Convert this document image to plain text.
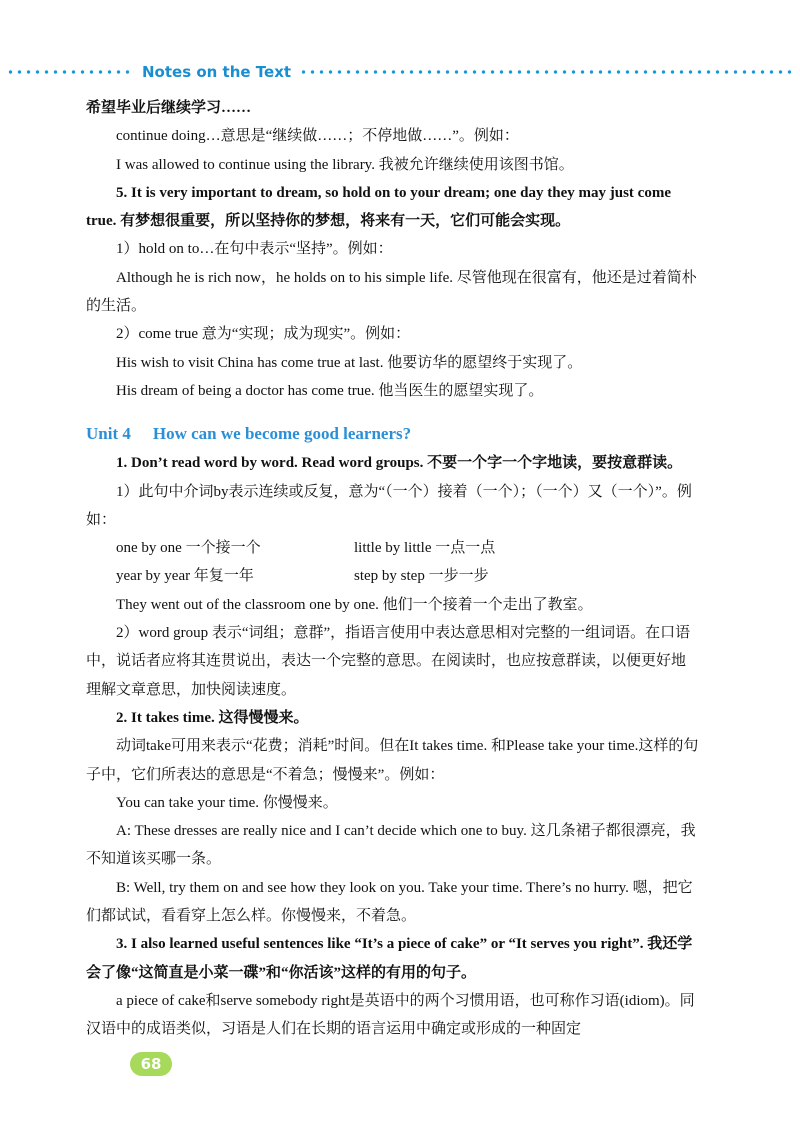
Notes on the Text

希望毕业后继续学习……

continue doing…意思是“继续做……；不停地做……”。例如：

I was allowed to continue using the library. 我被允许继续使用该图书馆。

5. It is very important to dream, so hold on to your dream; one day they may just come true. 有梦想很重要，所以坚持你的梦想，将来有一天，它们可能会实现。

1）hold on to…在句中表示“坚持”。例如：

Although he is rich now，he holds on to his simple life. 尽管他现在很富有，他还是过着简朴的生活。

2）come true 意为“实现；成为现实”。例如：

His wish to visit China has come true at last. 他要访华的愿望终于实现了。

His dream of being a doctor has come true. 他当医生的愿望实现了。

Unit 4 How can we become good learners?

1. Don’t read word by word. Read word groups. 不要一个字一个字地读，要按意群读。

1）此句中介词by表示连续或反复，意为“（一个）接着（一个）；（一个）又（一个）”。例如：

one by one 一个接一个	little by little 一点一点
year by year 年复一年	step by step 一步一步

They went out of the classroom one by one. 他们一个接着一个走出了教室。

2）word group 表示“词组；意群”，指语言使用中表达意思相对完整的一组词语。在口语中，说话者应将其连贯说出，表达一个完整的意思。在阅读时，也应按意群读，以便更好地理解文章意思，加快阅读速度。

2. It takes time. 这得慢慢来。

动词take可用来表示“花费；消耗”时间。但在It takes time. 和Please take your time.这样的句子中，它们所表达的意思是“不着急；慢慢来”。例如：

You can take your time. 你慢慢来。

A: These dresses are really nice and I can’t decide which one to buy. 这几条裙子都很漂亮，我不知道该买哪一条。

B: Well, try them on and see how they look on you. Take your time. There’s no hurry. 嗯，把它们都试试，看看穿上怎么样。你慢慢来，不着急。

3. I also learned useful sentences like “It’s a piece of cake” or “It serves you right”. 我还学会了像“这简直是小菜一碟”和“你活该”这样的有用的句子。

a piece of cake和serve somebody right是英语中的两个习惯用语，也可称作习语(idiom)。同汉语中的成语类似，习语是人们在长期的语言运用中确定或形成的一种固定

68
